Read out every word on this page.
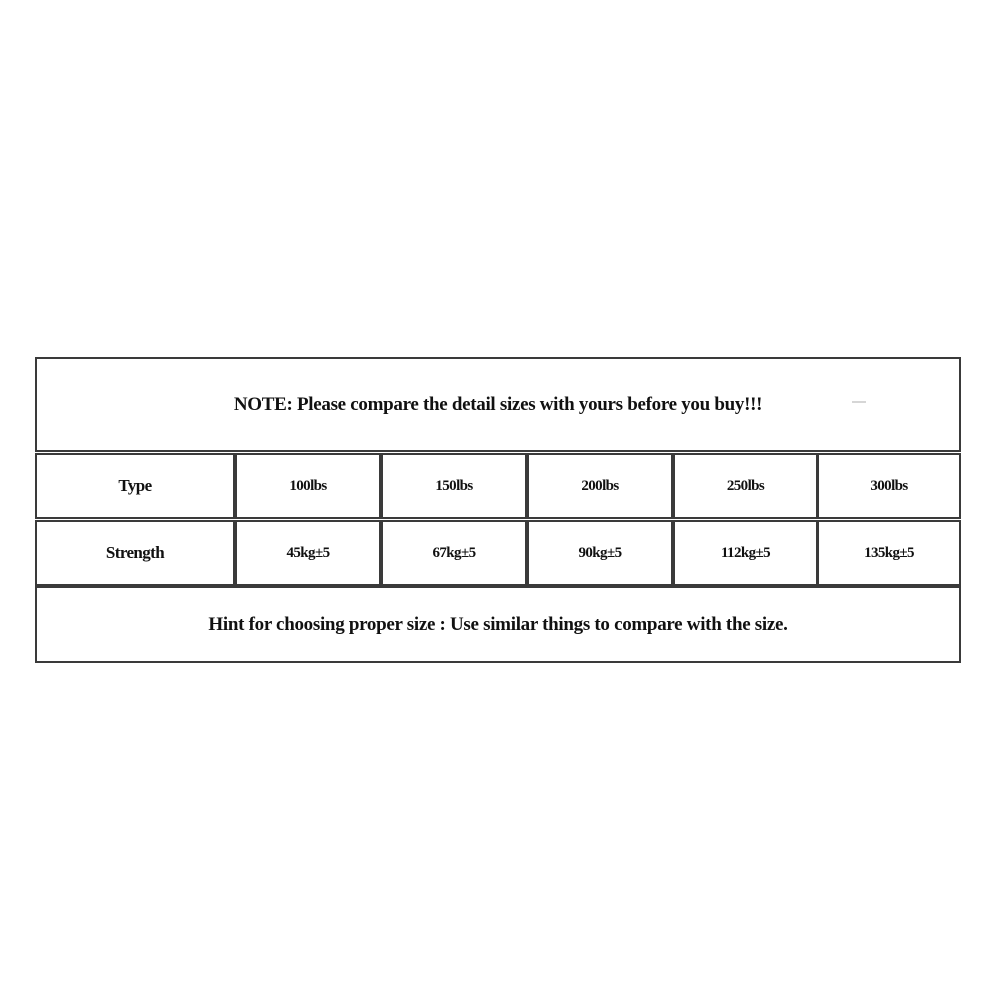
NOTE: Please compare the detail sizes with yours before you buy!!!
Type	100lbs	150lbs	200lbs	250lbs	300lbs
Strength	45kg±5	67kg±5	90kg±5	112kg±5	135kg±5
Hint for choosing proper size : Use similar things to compare with the size.
